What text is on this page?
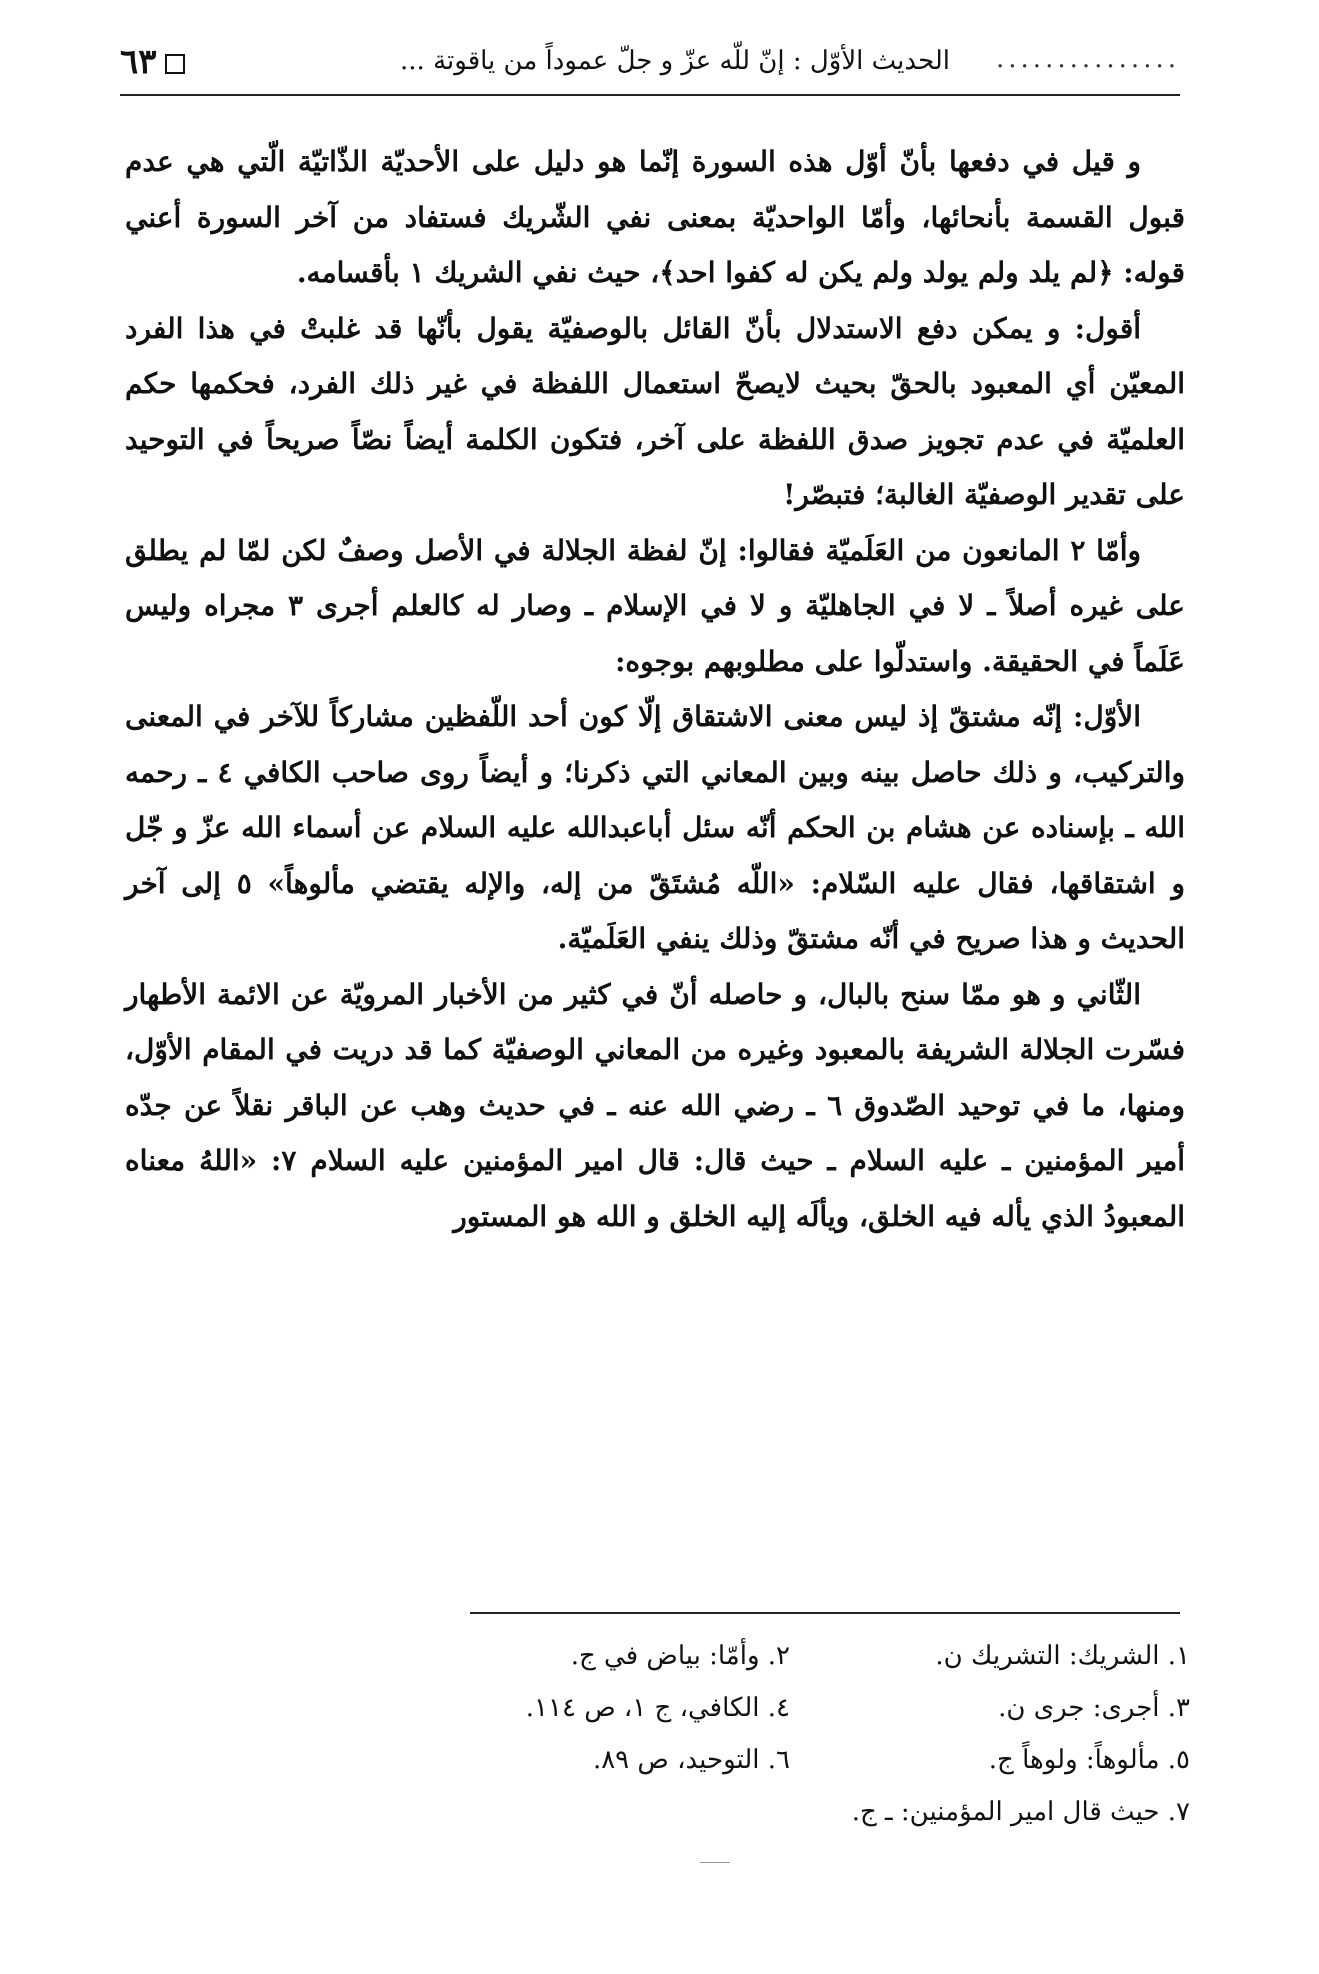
...............
الحديث الأوّل : إنّ للّه عزّ و جلّ عموداً من ياقوتة ...
٦٣

و قيل في دفعها بأنّ أوّل هذه السورة إنّما هو دليل على الأحديّة الذّاتيّة الّتي هي عدم قبول القسمة بأنحائها، وأمّا الواحديّة بمعنى نفي الشّريك فستفاد من آخر السورة أعني قوله: ﴿لم يلد ولم يولد ولم يكن له كفوا احد﴾، حيث نفي الشريك ١ بأقسامه.

أقول: و يمكن دفع الاستدلال بأنّ القائل بالوصفيّة يقول بأنّها قد غلبتْ في هذا الفرد المعيّن أي المعبود بالحقّ بحيث لايصحّ استعمال اللفظة في غير ذلك الفرد، فحكمها حكم العلميّة في عدم تجويز صدق اللفظة على آخر، فتكون الكلمة أيضاً نصّاً صريحاً في التوحيد على تقدير الوصفيّة الغالبة؛ فتبصّر!

وأمّا ٢ المانعون من العَلَميّة فقالوا: إنّ لفظة الجلالة في الأصل وصفٌ لكن لمّا لم يطلق على غيره أصلاً ـ لا في الجاهليّة و لا في الإسلام ـ وصار له كالعلم أجرى ٣ مجراه وليس عَلَماً في الحقيقة. واستدلّوا على مطلوبهم بوجوه:

الأوّل: إنّه مشتقّ إذ ليس معنى الاشتقاق إلّا كون أحد اللّفظين مشاركاً للآخر في المعنى والتركيب، و ذلك حاصل بينه وبين المعاني التي ذكرنا؛ و أيضاً روى صاحب الكافي ٤ ـ رحمه الله ـ بإسناده عن هشام بن الحكم أنّه سئل أباعبدالله عليه السلام عن أسماء الله عزّ و جّل و اشتقاقها، فقال عليه السّلام: «اللّه مُشتَقّ من إله، والإله يقتضي مألوهاً» ٥ إلى آخر الحديث و هذا صريح في أنّه مشتقّ وذلك ينفي العَلَميّة.

الثّاني و هو ممّا سنح بالبال، و حاصله أنّ في كثير من الأخبار المرويّة عن الائمة الأطهار فسّرت الجلالة الشريفة بالمعبود وغيره من المعاني الوصفيّة كما قد دريت في المقام الأوّل، ومنها، ما في توحيد الصّدوق ٦ ـ رضي الله عنه ـ في حديث وهب عن الباقر نقلاً عن جدّه أمير المؤمنين ـ عليه السلام ـ حيث قال: قال امير المؤمنين عليه السلام ٧: «اللهُ معناه المعبودُ الذي يأله فيه الخلق، ويألَه إليه الخلق و الله هو المستور

١. الشريك: التشريك ن.
٢. وأمّا: بياض في ج.
٣. أجرى: جرى ن.
٤. الكافي، ج ١، ص ١١٤.
٥. مألوهاً: ولوهاً ج.
٦. التوحيد، ص ٨٩.
٧. حيث قال امير المؤمنين: ـ ج.
